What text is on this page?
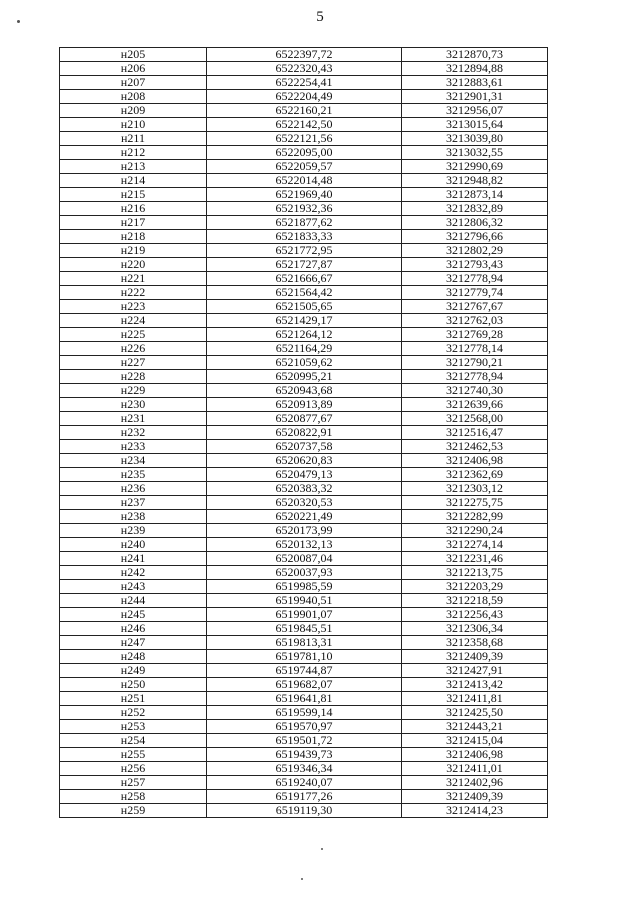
5
н205	6522397,72	3212870,73
н206	6522320,43	3212894,88
н207	6522254,41	3212883,61
н208	6522204,49	3212901,31
н209	6522160,21	3212956,07
н210	6522142,50	3213015,64
н211	6522121,56	3213039,80
н212	6522095,00	3213032,55
н213	6522059,57	3212990,69
н214	6522014,48	3212948,82
н215	6521969,40	3212873,14
н216	6521932,36	3212832,89
н217	6521877,62	3212806,32
н218	6521833,33	3212796,66
н219	6521772,95	3212802,29
н220	6521727,87	3212793,43
н221	6521666,67	3212778,94
н222	6521564,42	3212779,74
н223	6521505,65	3212767,67
н224	6521429,17	3212762,03
н225	6521264,12	3212769,28
н226	6521164,29	3212778,14
н227	6521059,62	3212790,21
н228	6520995,21	3212778,94
н229	6520943,68	3212740,30
н230	6520913,89	3212639,66
н231	6520877,67	3212568,00
н232	6520822,91	3212516,47
н233	6520737,58	3212462,53
н234	6520620,83	3212406,98
н235	6520479,13	3212362,69
н236	6520383,32	3212303,12
н237	6520320,53	3212275,75
н238	6520221,49	3212282,99
н239	6520173,99	3212290,24
н240	6520132,13	3212274,14
н241	6520087,04	3212231,46
н242	6520037,93	3212213,75
н243	6519985,59	3212203,29
н244	6519940,51	3212218,59
н245	6519901,07	3212256,43
н246	6519845,51	3212306,34
н247	6519813,31	3212358,68
н248	6519781,10	3212409,39
н249	6519744,87	3212427,91
н250	6519682,07	3212413,42
н251	6519641,81	3212411,81
н252	6519599,14	3212425,50
н253	6519570,97	3212443,21
н254	6519501,72	3212415,04
н255	6519439,73	3212406,98
н256	6519346,34	3212411,01
н257	6519240,07	3212402,96
н258	6519177,26	3212409,39
н259	6519119,30	3212414,23
